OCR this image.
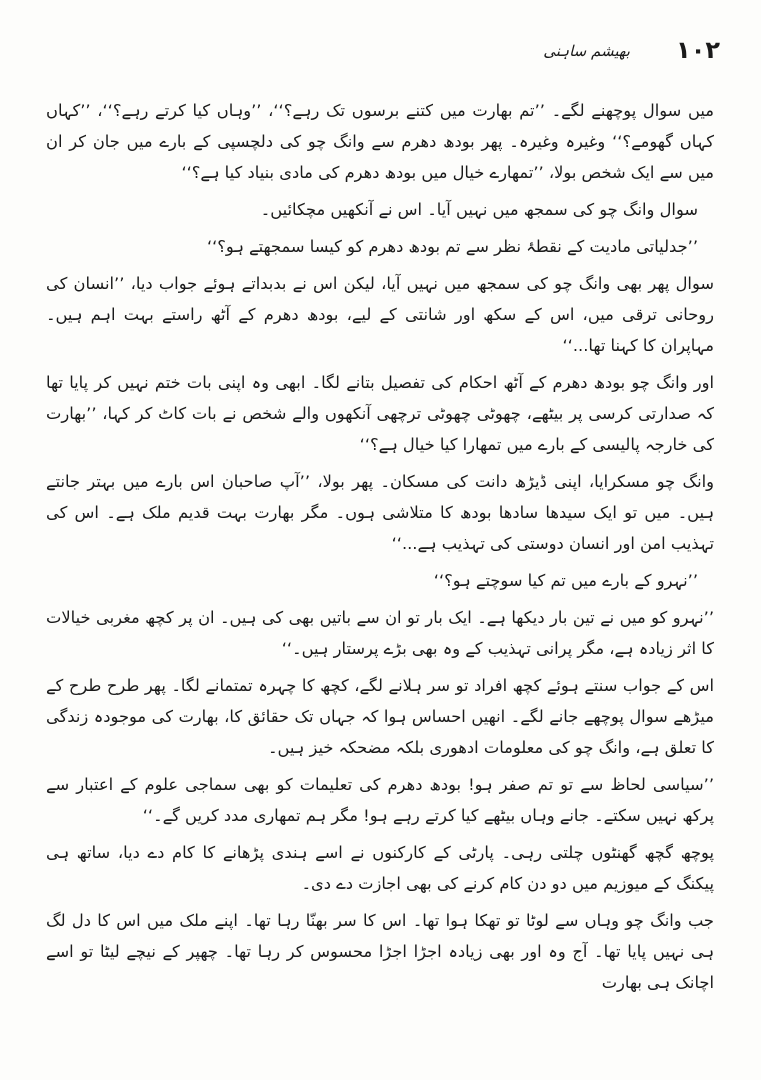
بھیشم ساہنی ۱۰۲

میں سوال پوچھنے لگے۔ ’’تم بھارت میں کتنے برسوں تک رہے؟‘‘، ’’وہاں کیا کرتے رہے؟‘‘، ’’کہاں کہاں گھومے؟‘‘ وغیرہ وغیرہ۔ پھر بودھ دھرم سے وانگ چو کی دلچسپی کے بارے میں جان کر ان میں سے ایک شخص بولا، ’’تمھارے خیال میں بودھ دھرم کی مادی بنیاد کیا ہے؟‘‘

سوال وانگ چو کی سمجھ میں نہیں آیا۔ اس نے آنکھیں مچکائیں۔

’’جدلیاتی مادیت کے نقطۂ نظر سے تم بودھ دھرم کو کیسا سمجھتے ہو؟‘‘

سوال پھر بھی وانگ چو کی سمجھ میں نہیں آیا، لیکن اس نے بدبداتے ہوئے جواب دیا، ’’انسان کی روحانی ترقی میں، اس کے سکھ اور شانتی کے لیے، بودھ دھرم کے آٹھ راستے بہت اہم ہیں۔ مہاپران کا کہنا تھا...‘‘

اور وانگ چو بودھ دھرم کے آٹھ احکام کی تفصیل بتانے لگا۔ ابھی وہ اپنی بات ختم نہیں کر پایا تھا کہ صدارتی کرسی پر بیٹھے، چھوٹی چھوٹی ترچھی آنکھوں والے شخص نے بات کاٹ کر کہا، ’’بھارت کی خارجہ پالیسی کے بارے میں تمھارا کیا خیال ہے؟‘‘

وانگ چو مسکرایا، اپنی ڈیڑھ دانت کی مسکان۔ پھر بولا، ’’آپ صاحبان اس بارے میں بہتر جانتے ہیں۔ میں تو ایک سیدھا سادھا بودھ کا متلاشی ہوں۔ مگر بھارت بہت قدیم ملک ہے۔ اس کی تہذیب امن اور انسان دوستی کی تہذیب ہے...‘‘

’’نہرو کے بارے میں تم کیا سوچتے ہو؟‘‘

’’نہرو کو میں نے تین بار دیکھا ہے۔ ایک بار تو ان سے باتیں بھی کی ہیں۔ ان پر کچھ مغربی خیالات کا اثر زیادہ ہے، مگر پرانی تہذیب کے وہ بھی بڑے پرستار ہیں۔‘‘

اس کے جواب سنتے ہوئے کچھ افراد تو سر ہلانے لگے، کچھ کا چہرہ تمتمانے لگا۔ پھر طرح طرح کے میڑھے سوال پوچھے جانے لگے۔ انھیں احساس ہوا کہ جہاں تک حقائق کا، بھارت کی موجودہ زندگی کا تعلق ہے، وانگ چو کی معلومات ادھوری بلکہ مضحکہ خیز ہیں۔

’’سیاسی لحاظ سے تو تم صفر ہو! بودھ دھرم کی تعلیمات کو بھی سماجی علوم کے اعتبار سے پرکھ نہیں سکتے۔ جانے وہاں بیٹھے کیا کرتے رہے ہو! مگر ہم تمھاری مدد کریں گے۔‘‘

پوچھ گچھ گھنٹوں چلتی رہی۔ پارٹی کے کارکنوں نے اسے ہندی پڑھانے کا کام دے دیا، ساتھ ہی پیکنگ کے میوزیم میں دو دن کام کرنے کی بھی اجازت دے دی۔

جب وانگ چو وہاں سے لوٹا تو تھکا ہوا تھا۔ اس کا سر بھنّا رہا تھا۔ اپنے ملک میں اس کا دل لگ ہی نہیں پایا تھا۔ آج وہ اور بھی زیادہ اجڑا اجڑا محسوس کر رہا تھا۔ چھپر کے نیچے لیٹا تو اسے اچانک ہی بھارت
